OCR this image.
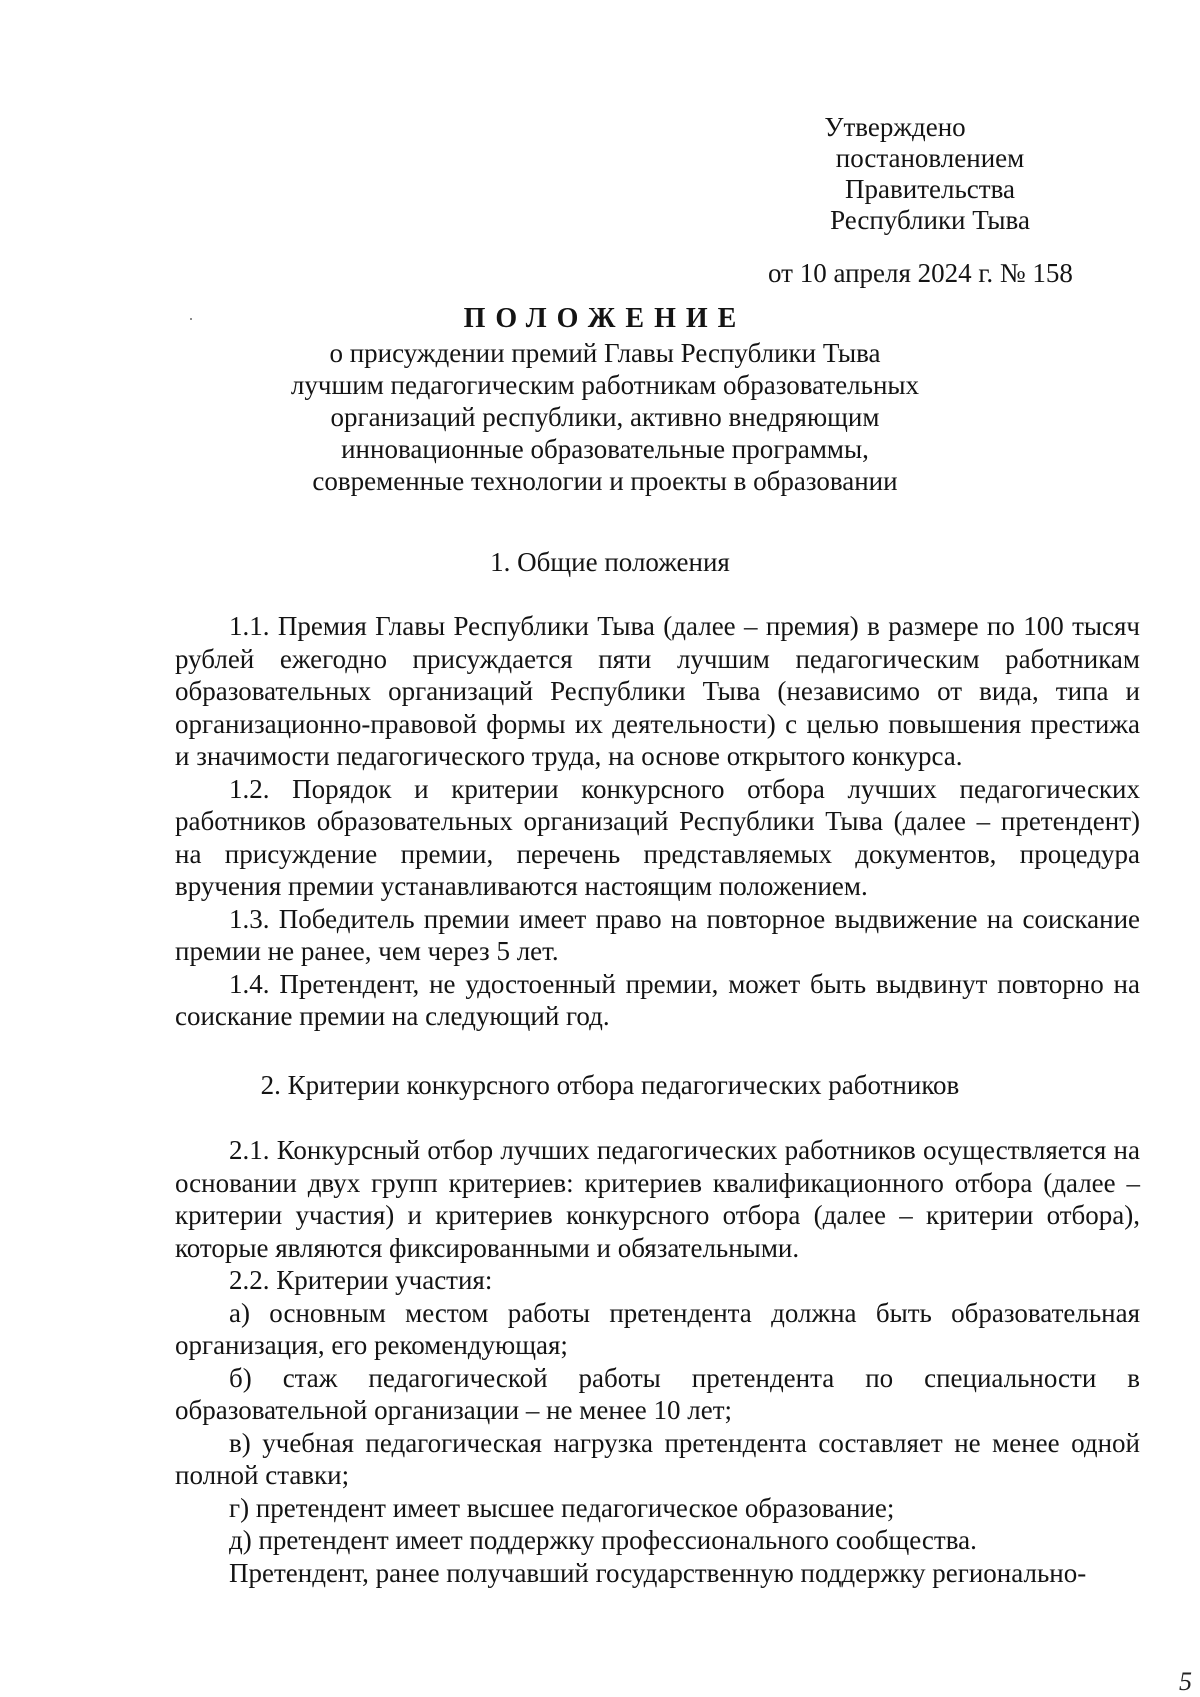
Утверждено
постановлением Правительства
Республики Тыва
от 10 апреля 2024 г. № 158
ПОЛОЖЕНИЕ
о присуждении премий Главы Республики Тыва
лучшим педагогическим работникам образовательных
организаций республики, активно внедряющим
инновационные образовательные программы,
современные технологии и проекты в образовании
1. Общие положения

1.1. Премия Главы Республики Тыва (далее – премия) в размере по 100 тысяч рублей ежегодно присуждается пяти лучшим педагогическим работникам образовательных организаций Республики Тыва (независимо от вида, типа и организационно-правовой формы их деятельности) с целью повышения престижа и значимости педагогического труда, на основе открытого конкурса.

1.2. Порядок и критерии конкурсного отбора лучших педагогических работников образовательных организаций Республики Тыва (далее – претендент) на присуждение премии, перечень представляемых документов, процедура вручения премии устанавливаются настоящим положением.

1.3. Победитель премии имеет право на повторное выдвижение на соискание премии не ранее, чем через 5 лет.

1.4. Претендент, не удостоенный премии, может быть выдвинут повторно на соискание премии на следующий год.

2. Критерии конкурсного отбора педагогических работников

2.1. Конкурсный отбор лучших педагогических работников осуществляется на основании двух групп критериев: критериев квалификационного отбора (далее – критерии участия) и критериев конкурсного отбора (далее – критерии отбора), которые являются фиксированными и обязательными.

2.2. Критерии участия:

а) основным местом работы претендента должна быть образовательная организация, его рекомендующая;

б) стаж педагогической работы претендента по специальности в образовательной организации – не менее 10 лет;

в) учебная педагогическая нагрузка претендента составляет не менее одной полной ставки;

г) претендент имеет высшее педагогическое образование;

д) претендент имеет поддержку профессионального сообщества.

Претендент, ранее получавший государственную поддержку регионально-

5
